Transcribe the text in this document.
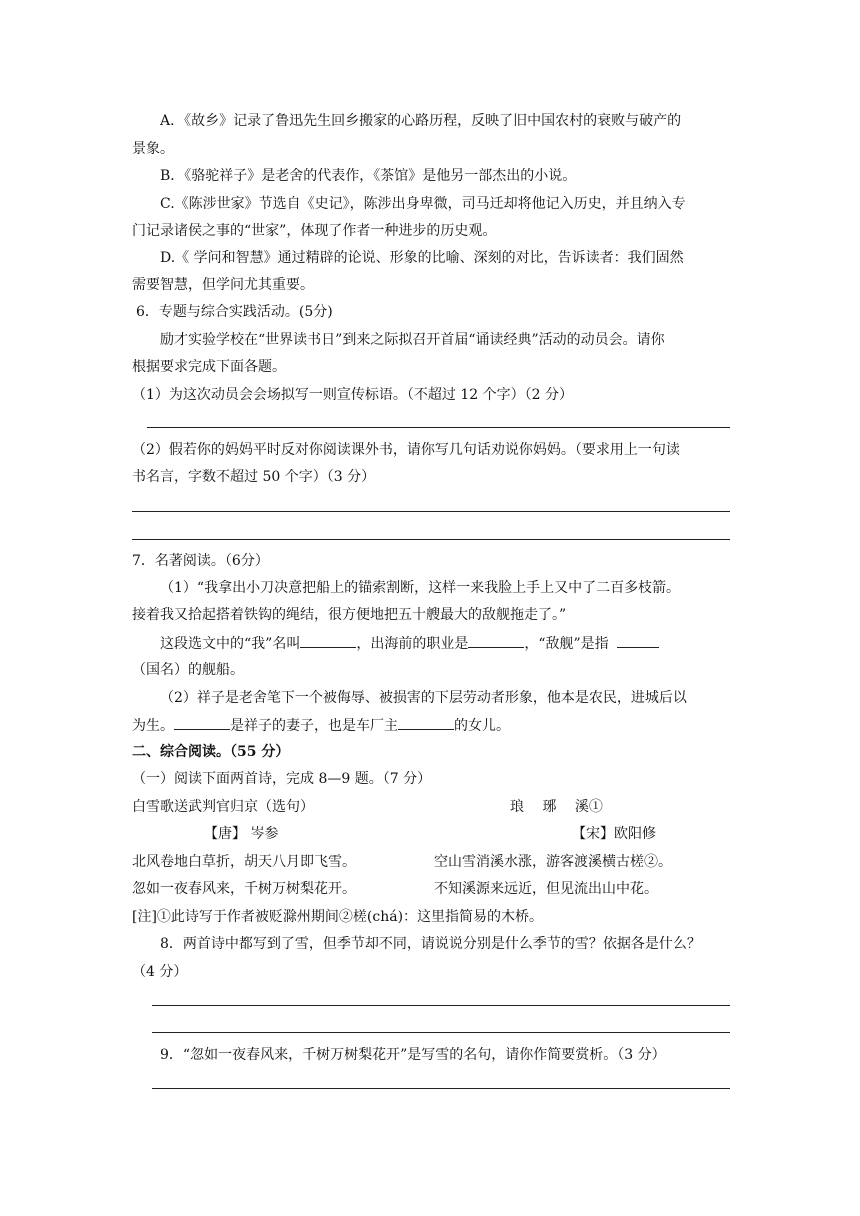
A．《故乡》记录了鲁迅先生回乡搬家的心路历程，反映了旧中国农村的衰败与破产的
景象。
B．《骆驼祥子》是老舍的代表作，《茶馆》是他另一部杰出的小说。
C.《陈涉世家》节选自《史记》，陈涉出身卑微，司马迁却将他记入历史，并且纳入专
门记录诸侯之事的“世家”，体现了作者一种进步的历史观。
D.《 学问和智慧》通过精辟的论说、形象的比喻、深刻的对比，告诉读者：我们固然
需要智慧，但学问尤其重要。
6．专题与综合实践活动。(5分)
励才实验学校在“世界读书日”到来之际拟召开首届“诵读经典”活动的动员会。请你
根据要求完成下面各题。
（1）为这次动员会会场拟写一则宣传标语。（不超过 12 个字）（2 分）
（2）假若你的妈妈平时反对你阅读课外书，请你写几句话劝说你妈妈。（要求用上一句读
书名言，字数不超过 50 个字）（3 分）
7．名著阅读。（6分）
（1）“我拿出小刀决意把船上的锚索割断，这样一来我脸上手上又中了二百多枝箭。
接着我又拾起搭着铁钩的绳结，很方便地把五十艘最大的敌舰拖走了。”
这段选文中的“我”名叫	，出海前的职业是	，“敌舰”是指
（国名）的舰船。
（2）祥子是老舍笔下一个被侮辱、被损害的下层劳动者形象，他本是农民，进城后以
为生。	是祥子的妻子，也是车厂主	的女儿。
二、综合阅读。（55 分）
（一）阅读下面两首诗，完成 8—9 题。（7 分）
白雪歌送武判官归京（选句）	琅　 琊　 溪①
【唐】 岑参	【宋】欧阳修
北风卷地白草折，胡天八月即飞雪。	空山雪消溪水涨，游客渡溪横古槎②。
忽如一夜春风来，千树万树梨花开。	不知溪源来远近，但见流出山中花。
[注]①此诗写于作者被贬滁州期间②槎(chá)：这里指简易的木桥。
8．两首诗中都写到了雪，但季节却不同，请说说分别是什么季节的雪？依据各是什么？
（4 分）
9．“忽如一夜春风来，千树万树梨花开”是写雪的名句，请你作简要赏析。（3 分）
